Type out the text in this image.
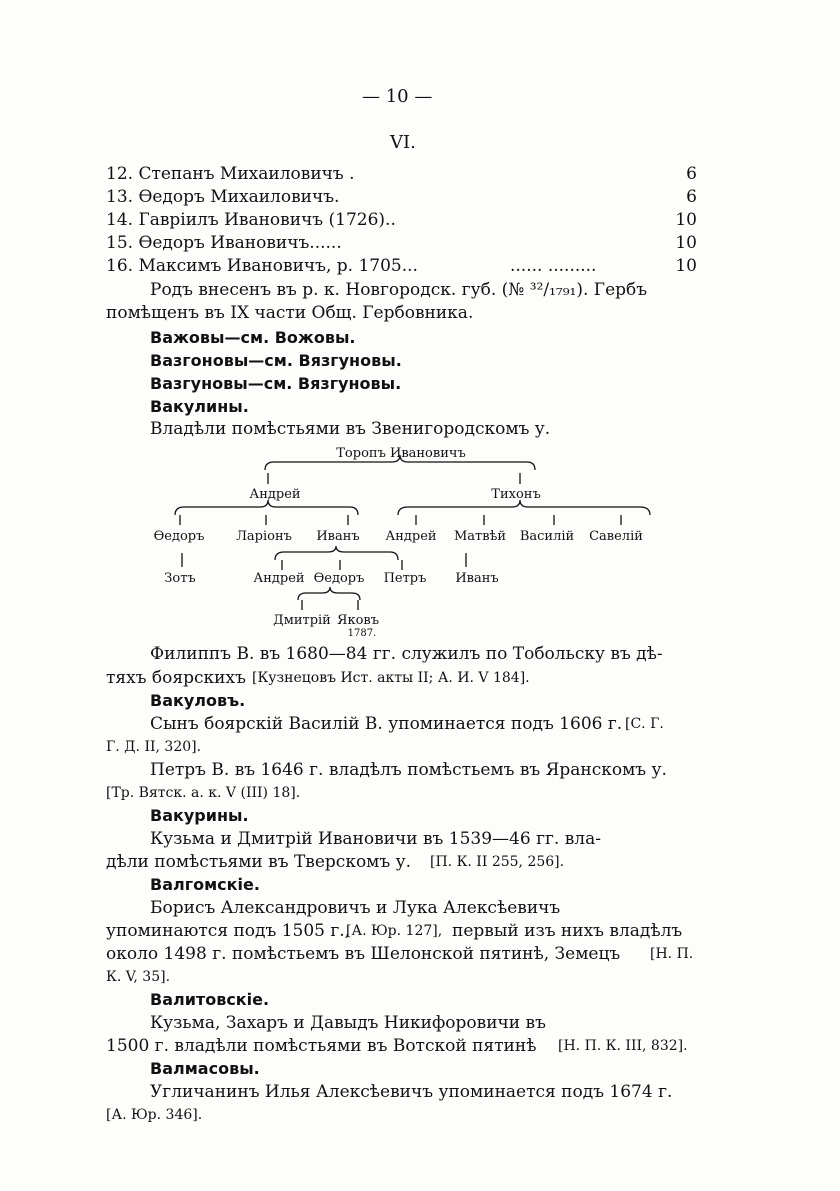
— 10 —
VI.
12. Степанъ Михаиловичъ .	6
13. Ѳедоръ Михаиловичъ.	6
14. Гавріилъ Ивановичъ (1726)..	10
15. Ѳедоръ Ивановичъ......	10
16. Максимъ Ивановичъ, р. 1705...	...... .........	10
Родъ внесенъ въ р. к. Новгородск. губ. (№ ³²/₁₇₉₁). Гербъ
помѣщенъ въ IX части Общ. Гербовника.
Важовы—см. Вожовы.
Вазгоновы—см. Вязгуновы.
Вазгуновы—см. Вязгуновы.
Вакулины.
Владѣли помѣстьями въ Звенигородскомъ у.
Торопъ Ивановичъ
Андрей	Тихонъ
Ѳедоръ Ларіонъ Иванъ Андрей Матвѣй Василій Савелій
Зотъ	Андрей Ѳедоръ Петръ Иванъ
Дмитрій Яковъ
1787.
Филиппъ В. въ 1680—84 гг. служилъ по Тобольску въ дѣ-
тяхъ боярскихъ [Кузнецовъ Ист. акты II; А. И. V 184].
Вакуловъ.
Сынъ боярскій Василій В. упоминается подъ 1606 г. [С. Г.
Г. Д. II, 320].
Петръ В. въ 1646 г. владѣлъ помѣстьемъ въ Яранскомъ у.
[Тр. Вятск. а. к. V (III) 18].
Вакурины.
Кузьма и Дмитрій Ивановичи въ 1539—46 гг. вла-
дѣли помѣстьями въ Тверскомъ у. [П. К. II 255, 256].
Валгомскіе.
Борисъ Александровичъ и Лука Алексѣевичъ
упоминаются подъ 1505 г.,
[А. Юр. 127], первый изъ нихъ владѣлъ
около 1498 г. помѣстьемъ въ Шелонской пятинѣ, Земецъ [Н. П.
К. V, 35].
Валитовскіе.
Кузьма, Захаръ и Давыдъ Никифоровичи въ
1500 г. владѣли помѣстьями въ Вотской пятинѣ [Н. П. К. III, 832].
Валмасовы.
Угличанинъ Илья Алексѣевичъ упоминается подъ 1674 г.
[А. Юр. 346].
